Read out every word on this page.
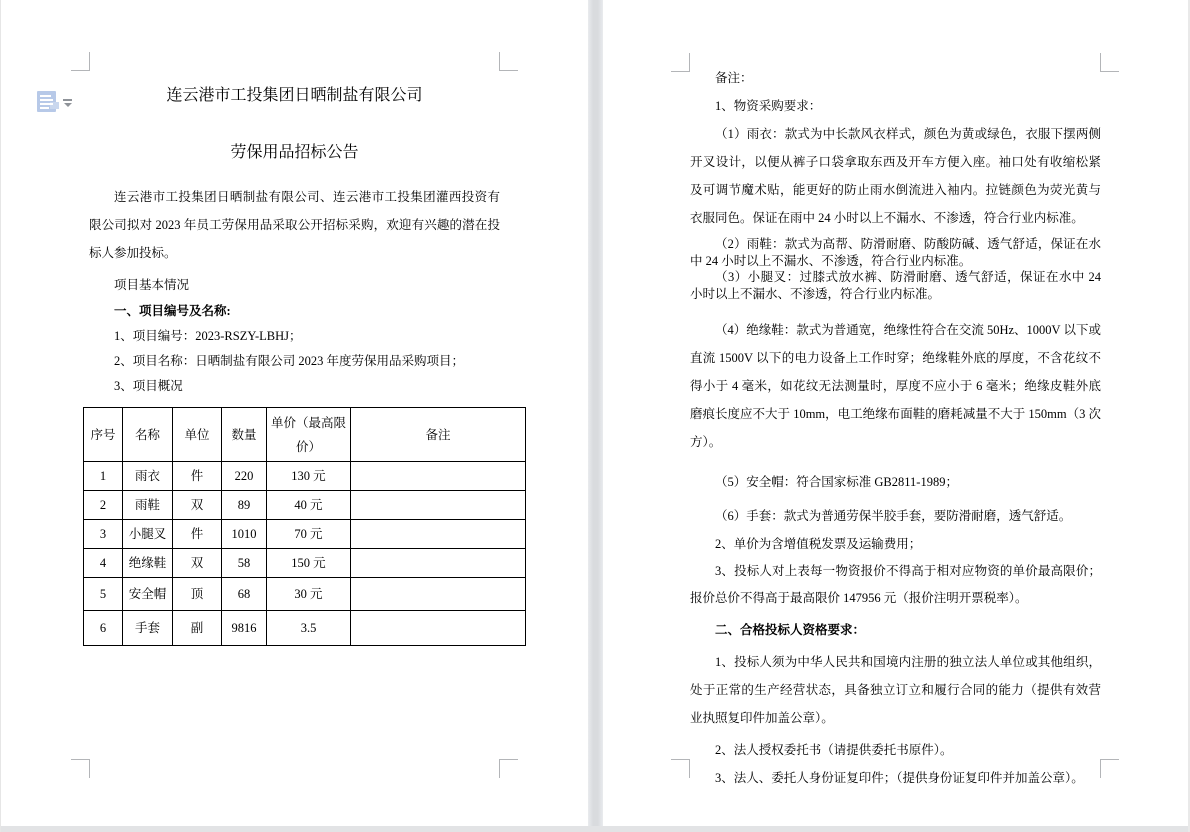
连云港市工投集团日晒制盐有限公司
劳保用品招标公告

连云港市工投集团日晒制盐有限公司、连云港市工投集团灌西投资有限公司拟对 2023 年员工劳保用品采取公开招标采购，欢迎有兴趣的潜在投标人参加投标。

项目基本情况

一、项目编号及名称:

1、项目编号：2023-RSZY-LBHJ；

2、项目名称：日晒制盐有限公司 2023 年度劳保用品采购项目；

3、项目概况

序号	名称	单位	数量	单价（最高限价）	备注
1	雨衣	件	220	130 元	
2	雨鞋	双	89	40 元	
3	小腿叉	件	1010	70 元	
4	绝缘鞋	双	58	150 元	
5	安全帽	顶	68	30 元	
6	手套	副	9816	3.5	

备注：

1、物资采购要求：

（1）雨衣：款式为中长款风衣样式，颜色为黄或绿色，衣服下摆两侧开叉设计，以便从裤子口袋拿取东西及开车方便入座。袖口处有收缩松紧及可调节魔术贴，能更好的防止雨水倒流进入袖内。拉链颜色为荧光黄与衣服同色。保证在雨中 24 小时以上不漏水、不渗透，符合行业内标准。

（2）雨鞋：款式为高帮、防滑耐磨、防酸防碱、透气舒适，保证在水中 24 小时以上不漏水、不渗透，符合行业内标准。

（3）小腿叉：过膝式放水裤、防滑耐磨、透气舒适，保证在水中 24 小时以上不漏水、不渗透，符合行业内标准。

（4）绝缘鞋：款式为普通宽，绝缘性符合在交流 50Hz、1000V 以下或直流 1500V 以下的电力设备上工作时穿；绝缘鞋外底的厚度，不含花纹不得小于 4 毫米，如花纹无法测量时，厚度不应小于 6 毫米；绝缘皮鞋外底磨痕长度应不大于 10mm，电工绝缘布面鞋的磨耗减量不大于 150mm（3 次方）。

（5）安全帽：符合国家标准 GB2811-1989；

（6）手套：款式为普通劳保半胶手套，要防滑耐磨，透气舒适。

2、单价为含增值税发票及运输费用；

3、投标人对上表每一物资报价不得高于相对应物资的单价最高限价；报价总价不得高于最高限价 147956 元（报价注明开票税率）。

二、合格投标人资格要求：

1、投标人须为中华人民共和国境内注册的独立法人单位或其他组织，处于正常的生产经营状态，具备独立订立和履行合同的能力（提供有效营业执照复印件加盖公章）。

2、法人授权委托书（请提供委托书原件）。

3、法人、委托人身份证复印件；（提供身份证复印件并加盖公章）。
